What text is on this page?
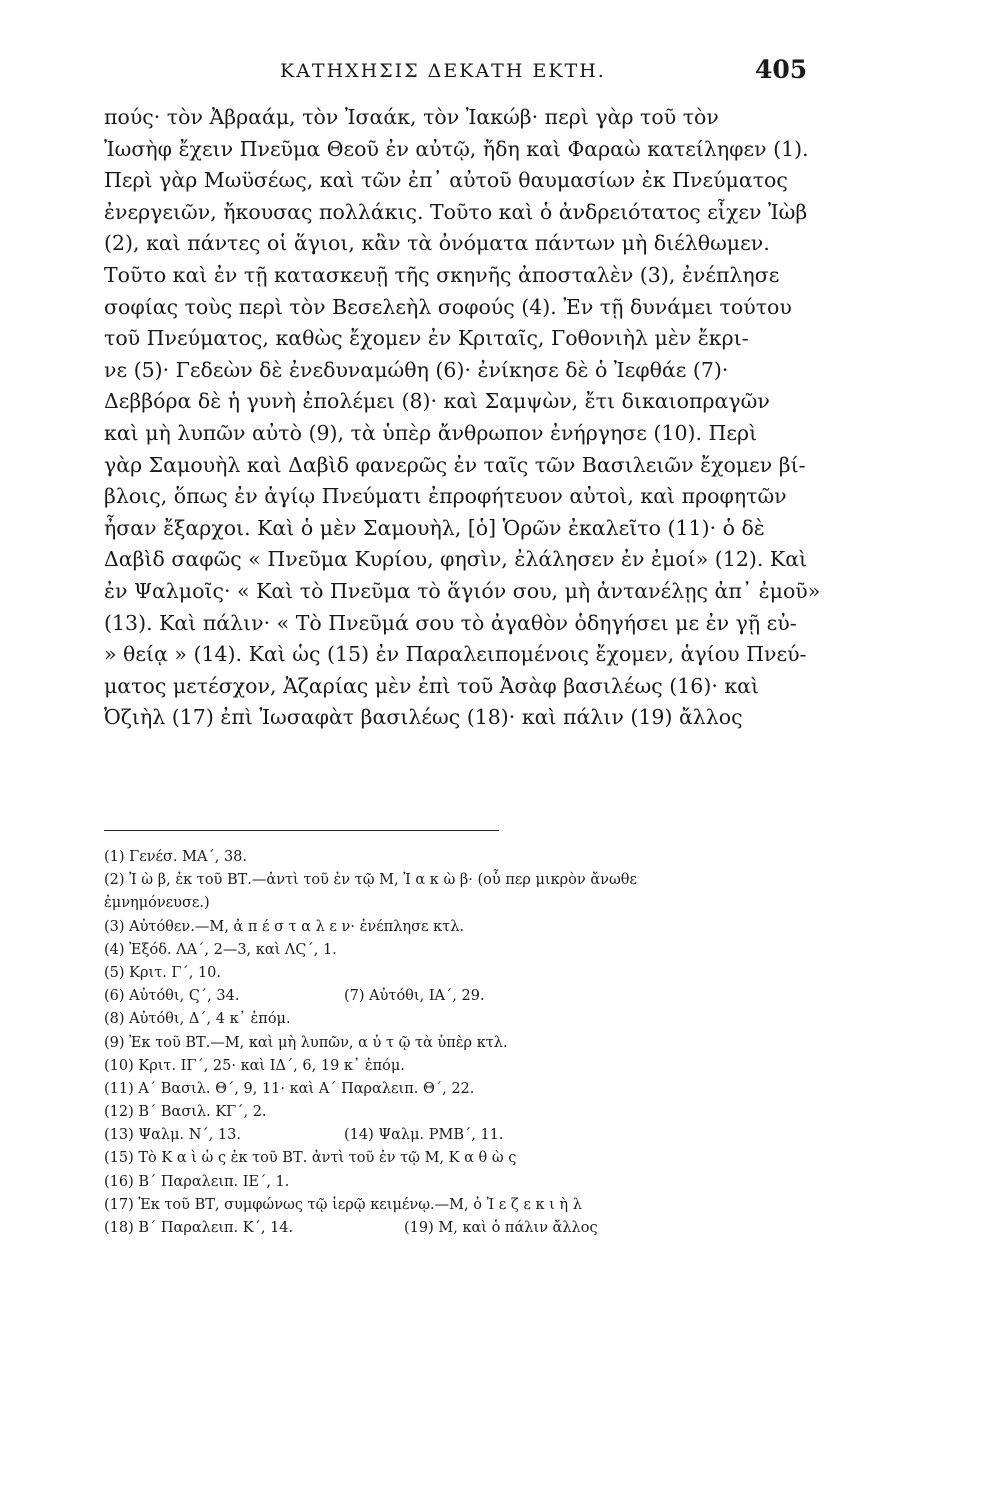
ΚΑΤΗΧΗΣΙΣ ΔΕΚΑΤΗ ΕΚΤΗ.	405
πούς· τὸν Ἀβραάμ, τὸν Ἰσαάκ, τὸν Ἰακώβ· περὶ γὰρ τοῦ τὸν
Ἰωσὴφ ἔχειν Πνεῦμα Θεοῦ ἐν αὐτῷ, ἤδη καὶ Φαραὼ κατείληφεν (1).
Περὶ γὰρ Μωϋσέως, καὶ τῶν ἐπ᾽ αὐτοῦ θαυμασίων ἐκ Πνεύματος
ἐνεργειῶν, ἤκουσας πολλάκις. Τοῦτο καὶ ὁ ἀνδρειότατος εἶχεν Ἰὼβ
(2), καὶ πάντες οἱ ἅγιοι, κἂν τὰ ὀνόματα πάντων μὴ διέλθωμεν.
Τοῦτο καὶ ἐν τῇ κατασκευῇ τῆς σκηνῆς ἀποσταλὲν (3), ἐνέπλησε
σοφίας τοὺς περὶ τὸν Βεσελεὴλ σοφούς (4). Ἐν τῇ δυνάμει τούτου
τοῦ Πνεύματος, καθὼς ἔχομεν ἐν Κριταῖς, Γοθονιὴλ μὲν ἔκρι-
νε (5)· Γεδεὼν δὲ ἐνεδυναμώθη (6)· ἐνίκησε δὲ ὁ Ἰεφθάε (7)·
Δεββόρα δὲ ἡ γυνὴ ἐπολέμει (8)· καὶ Σαμψὼν, ἔτι δικαιοπραγῶν
καὶ μὴ λυπῶν αὐτὸ (9), τὰ ὑπὲρ ἄνθρωπον ἐνήργησε (10). Περὶ
γὰρ Σαμουὴλ καὶ Δαβὶδ φανερῶς ἐν ταῖς τῶν Βασιλειῶν ἔχομεν βί-
βλοις, ὅπως ἐν ἁγίῳ Πνεύματι ἐπροφήτευον αὐτοὶ, καὶ προφητῶν
ἦσαν ἔξαρχοι. Καὶ ὁ μὲν Σαμουὴλ, [ὁ] Ὁρῶν ἐκαλεῖτο (11)· ὁ δὲ
Δαβὶδ σαφῶς « Πνεῦμα Κυρίου, φησὶν, ἐλάλησεν ἐν ἐμοί» (12). Καὶ
ἐν Ψαλμοῖς· « Καὶ τὸ Πνεῦμα τὸ ἅγιόν σου, μὴ ἀντανέλῃς ἀπ᾽ ἐμοῦ»
(13). Καὶ πάλιν· « Τὸ Πνεῦμά σου τὸ ἀγαθὸν ὁδηγήσει με ἐν γῇ εὐ-
» θείᾳ » (14). Καὶ ὡς (15) ἐν Παραλειπομένοις ἔχομεν, ἁγίου Πνεύ-
ματος μετέσχον, Ἀζαρίας μὲν ἐπὶ τοῦ Ἀσὰφ βασιλέως (16)· καὶ
Ὀζιὴλ (17) ἐπὶ Ἰωσαφὰτ βασιλέως (18)· καὶ πάλιν (19) ἄλλος
(1) Γενέσ. ΜΑ΄, 38.
(2) Ἰ ὼ β, ἐκ τοῦ ΒΤ.—ἀντὶ τοῦ ἐν τῷ Μ, Ἰ α κ ὼ β· (οὗ περ μικρὸν ἄνωθε
ἐμνημόνευσε.)
(3) Αὐτόθεν.—Μ, ἀ π έ σ τ α λ ε ν· ἐνέπλησε κτλ.
(4) Ἐξόδ. ΛΑ΄, 2—3, καὶ ΛϚ΄, 1.
(5) Κριτ. Γ΄, 10.
(6) Αὐτόθι, Ϛ΄, 34.	(7) Αὐτόθι, ΙΑ΄, 29.
(8) Αὐτόθι, Δ΄, 4 κ᾽ ἑπόμ.
(9) Ἐκ τοῦ ΒΤ.—Μ, καὶ μὴ λυπῶν, α ὐ τ ῷ τὰ ὑπὲρ κτλ.
(10) Κριτ. ΙΓ΄, 25· καὶ ΙΔ΄, 6, 19 κ᾽ ἑπόμ.
(11) Α΄ Βασιλ. Θ΄, 9, 11· καὶ Α΄ Παραλειπ. Θ΄, 22.
(12) Β΄ Βασιλ. ΚΓ΄, 2.
(13) Ψαλμ. Ν΄, 13.	(14) Ψαλμ. ΡΜΒ΄, 11.
(15) Τὸ Κ α ὶ ὡ ς ἐκ τοῦ ΒΤ. ἀντὶ τοῦ ἐν τῷ Μ, Κ α θ ὼ ς
(16) Β΄ Παραλειπ. ΙΕ΄, 1.
(17) Ἐκ τοῦ ΒΤ, συμφώνως τῷ ἱερῷ κειμένῳ.—Μ, ὁ Ἰ ε ζ ε κ ι ὴ λ
(18) Β΄ Παραλειπ. Κ΄, 14.	(19) Μ, καὶ ὁ πάλιν ἄλλος
